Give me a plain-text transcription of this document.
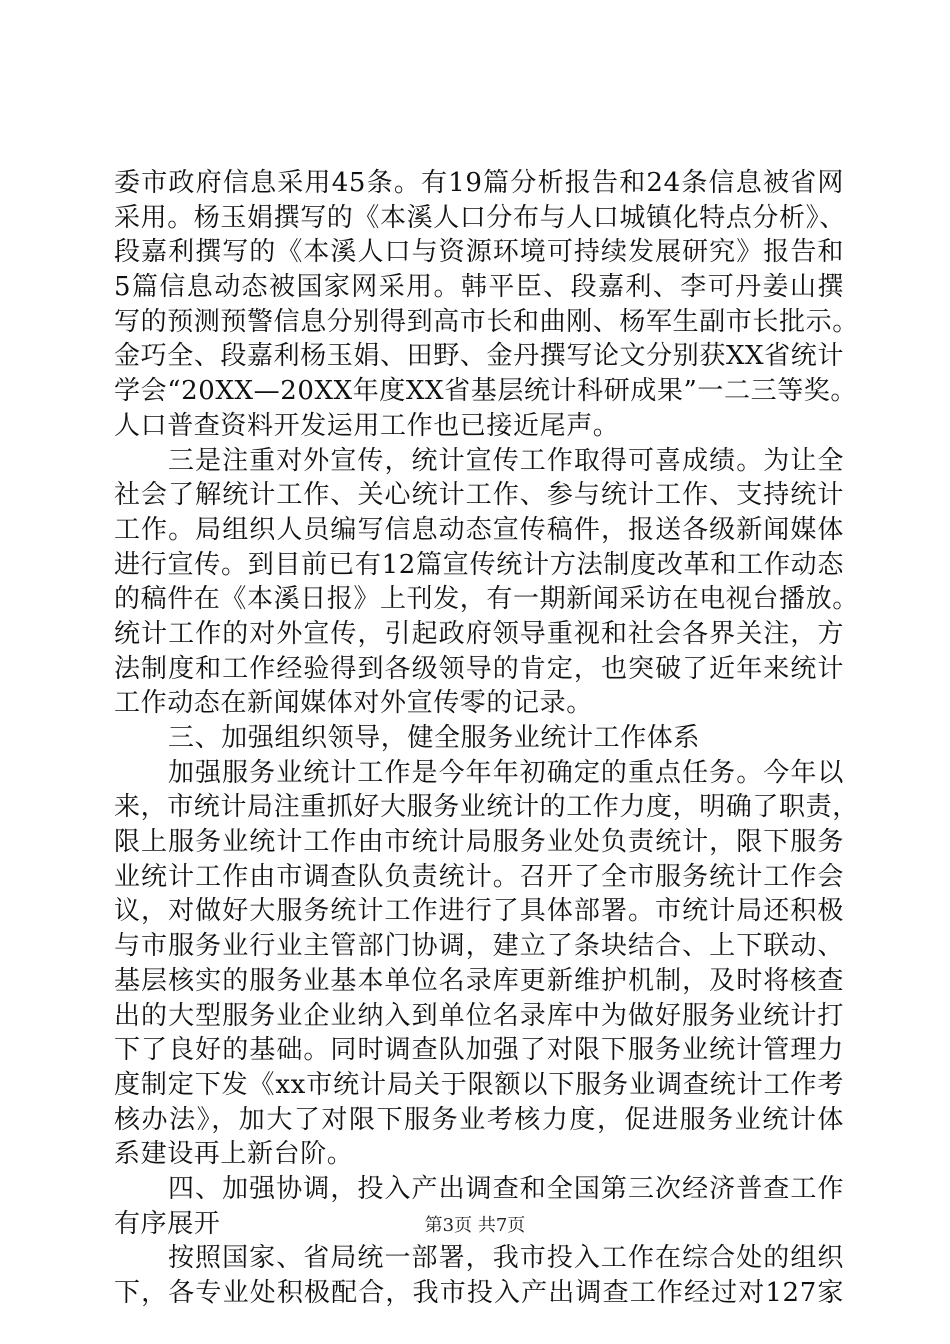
委市政府信息采用45条。有19篇分析报告和24条信息被省网
采用。杨玉娟撰写的《本溪人口分布与人口城镇化特点分析》、
段嘉利撰写的《本溪人口与资源环境可持续发展研究》报告和
5篇信息动态被国家网采用。韩平臣、段嘉利、李可丹姜山撰
写的预测预警信息分别得到高市长和曲刚、杨军生副市长批示。
金巧全、段嘉利杨玉娟、田野、金丹撰写论文分别获XX省统计
学会“20XX—20XX年度XX省基层统计科研成果”一二三等奖。
人口普查资料开发运用工作也已接近尾声。
三是注重对外宣传，统计宣传工作取得可喜成绩。为让全
社会了解统计工作、关心统计工作、参与统计工作、支持统计
工作。局组织人员编写信息动态宣传稿件，报送各级新闻媒体
进行宣传。到目前已有12篇宣传统计方法制度改革和工作动态
的稿件在《本溪日报》上刊发，有一期新闻采访在电视台播放。
统计工作的对外宣传，引起政府领导重视和社会各界关注，方
法制度和工作经验得到各级领导的肯定，也突破了近年来统计
工作动态在新闻媒体对外宣传零的记录。
三、加强组织领导，健全服务业统计工作体系
加强服务业统计工作是今年年初确定的重点任务。今年以
来，市统计局注重抓好大服务业统计的工作力度，明确了职责，
限上服务业统计工作由市统计局服务业处负责统计，限下服务
业统计工作由市调查队负责统计。召开了全市服务统计工作会
议，对做好大服务统计工作进行了具体部署。市统计局还积极
与市服务业行业主管部门协调，建立了条块结合、上下联动、
基层核实的服务业基本单位名录库更新维护机制，及时将核查
出的大型服务业企业纳入到单位名录库中为做好服务业统计打
下了良好的基础。同时调查队加强了对限下服务业统计管理力
度制定下发《xx市统计局关于限额以下服务业调查统计工作考
核办法》，加大了对限下服务业考核力度，促进服务业统计体
系建设再上新台阶。
四、加强协调，投入产出调查和全国第三次经济普查工作
有序展开
按照国家、省局统一部署，我市投入工作在综合处的组织
下，各专业处积极配合，我市投入产出调查工作经过对127家
第3页 共7页
